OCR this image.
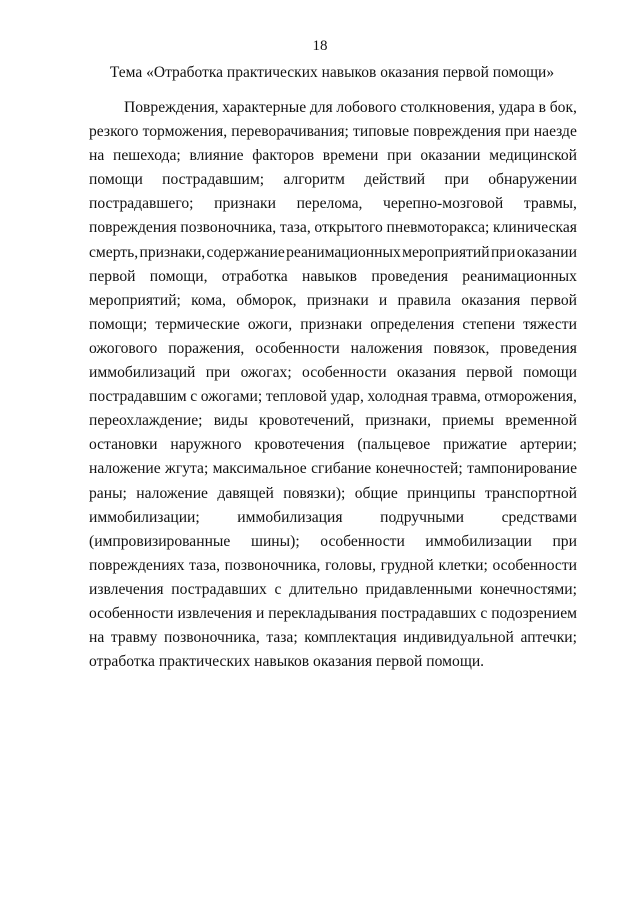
18
Тема «Отработка практических навыков оказания первой помощи»
Повреждения, характерные для лобового столкновения, удара в бок,
резкого торможения, переворачивания; типовые повреждения при наезде
на пешехода; влияние факторов времени при оказании медицинской
помощи пострадавшим; алгоритм действий при обнаружении
пострадавшего; признаки перелома, черепно-мозговой травмы,
повреждения позвоночника, таза, открытого пневмоторакса; клиническая
смерть, признаки, содержание реанимационных мероприятий при оказании
первой помощи, отработка навыков проведения реанимационных
мероприятий; кома, обморок, признаки и правила оказания первой
помощи; термические ожоги, признаки определения степени тяжести
ожогового поражения, особенности наложения повязок, проведения
иммобилизаций при ожогах; особенности оказания первой помощи
пострадавшим с ожогами; тепловой удар, холодная травма, отморожения,
переохлаждение; виды кровотечений, признаки, приемы временной
остановки наружного кровотечения (пальцевое прижатие артерии;
наложение жгута; максимальное сгибание конечностей; тампонирование
раны; наложение давящей повязки); общие принципы транспортной
иммобилизации; иммобилизация подручными средствами
(импровизированные шины); особенности иммобилизации при
повреждениях таза, позвоночника, головы, грудной клетки; особенности
извлечения пострадавших с длительно придавленными конечностями;
особенности извлечения и перекладывания пострадавших с подозрением
на травму позвоночника, таза; комплектация индивидуальной аптечки;
отработка практических навыков оказания первой помощи.
